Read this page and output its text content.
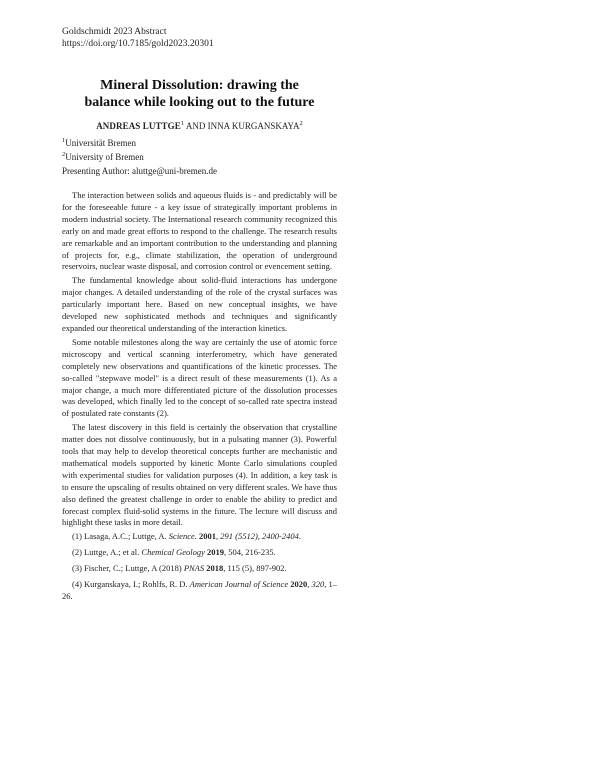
Goldschmidt 2023 Abstract
https://doi.org/10.7185/gold2023.20301
Mineral Dissolution: drawing the
balance while looking out to the future
ANDREAS LUTTGE$^1$ AND INNA KURGANSKAYA$^2$
$^1$Universität Bremen
$^2$University of Bremen
Presenting Author: aluttge@uni-bremen.de

The interaction between solids and aqueous fluids is - and predictably will be for the foreseeable future - a key issue of strategically important problems in modern industrial society. The International research community recognized this early on and made great efforts to respond to the challenge. The research results are remarkable and an important contribution to the understanding and planning of projects for, e.g., climate stabilization, the operation of underground reservoirs, nuclear waste disposal, and corrosion control or evencement setting.

The fundamental knowledge about solid-fluid interactions has undergone major changes. A detailed understanding of the role of the crystal surfaces was particularly important here. Based on new conceptual insights, we have developed new sophisticated methods and techniques and significantly expanded our theoretical understanding of the interaction kinetics.

Some notable milestones along the way are certainly the use of atomic force microscopy and vertical scanning interferometry, which have generated completely new observations and quantifications of the kinetic processes. The so-called "stepwave model" is a direct result of these measurements (1). As a major change, a much more differentiated picture of the dissolution processes was developed, which finally led to the concept of so-called rate spectra instead of postulated rate constants (2).

The latest discovery in this field is certainly the observation that crystalline matter does not dissolve continuously, but in a pulsating manner (3). Powerful tools that may help to develop theoretical concepts further are mechanistic and mathematical models supported by kinetic Monte Carlo simulations coupled with experimental studies for validation purposes (4). In addition, a key task is to ensure the upscaling of results obtained on very different scales. We have thus also defined the greatest challenge in order to enable the ability to predict and forecast complex fluid-solid systems in the future. The lecture will discuss and highlight these tasks in more detail.

(1) Lasaga, A.C.; Luttge, A. Science. 2001, 291 (5512), 2400-2404.

(2) Luttge, A.; et al. Chemical Geology 2019, 504, 216-235.

(3) Fischer, C.; Luttge, A (2018) PNAS 2018, 115 (5), 897-902.

(4) Kurganskaya, I.; Rohlfs, R. D. American Journal of Science 2020, 320, 1–26.
